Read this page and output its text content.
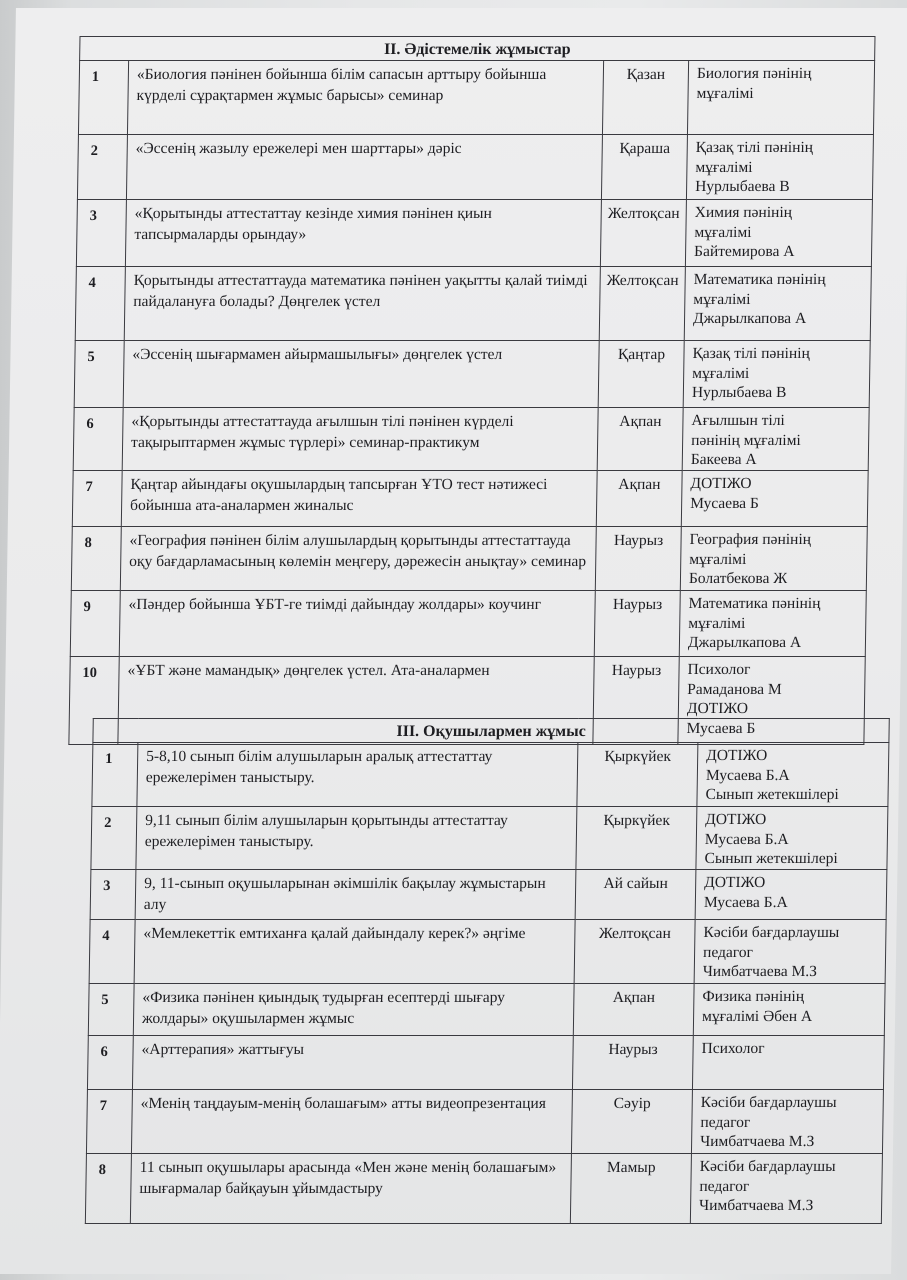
II. Әдістемелік жұмыстар			
1	«Биология пәнінен бойынша білім сапасын арттыру бойынша күрделі сұрақтармен жұмыс барысы» семинар	Қазан	Биология пәнінің
мұғалімі
2	«Эссенің жазылу ережелері мен шарттары» дәріс	Қараша	Қазақ тілі пәнінің
мұғалімі
Нурлыбаева В
3	«Қорытынды аттестаттау кезінде химия пәнінен қиын тапсырмаларды орындау»	Желтоқсан	Химия пәнінің
мұғалімі
Байтемирова А
4	Қорытынды аттестаттауда математика пәнінен уақытты қалай тиімді пайдалануға болады? Дөңгелек үстел	Желтоқсан	Математика пәнінің
мұғалімі
Джарылкапова А
5	«Эссенің шығармамен айырмашылығы» дөңгелек үстел	Қаңтар	Қазақ тілі пәнінің
мұғалімі
Нурлыбаева В
6	«Қорытынды аттестаттауда ағылшын тілі пәнінен күрделі тақырыптармен жұмыс түрлері» семинар-практикум	Ақпан	Ағылшын тілі
пәнінің мұғалімі
Бакеева А
7	Қаңтар айындағы оқушылардың тапсырған ҰТО тест нәтижесі бойынша ата-аналармен жиналыс	Ақпан	ДОТІЖО
Мусаева Б
8	«География пәнінен білім алушылардың қорытынды аттестаттауда оқу бағдарламасының көлемін меңгеру, дәрежесін анықтау» семинар	Наурыз	География пәнінің
мұғалімі
Болатбекова Ж
9	«Пәндер бойынша ҰБТ-ге тиімді дайындау жолдары» коучинг	Наурыз	Математика пәнінің
мұғалімі
Джарылкапова А
10	«ҰБТ және мамандық» дөңгелек үстел. Ата-аналармен	Наурыз	Психолог
Рамаданова М
ДОТІЖО
Мусаева Б
III. Оқушылармен жұмыс			
1	5-8,10 сынып білім алушыларын аралық аттестаттау ережелерімен таныстыру.	Қыркүйек	ДОТІЖО
Мусаева Б.А
Сынып жетекшілері
2	9,11 сынып білім алушыларын қорытынды аттестаттау ережелерімен таныстыру.	Қыркүйек	ДОТІЖО
Мусаева Б.А
Сынып жетекшілері
3	9, 11-сынып оқушыларынан әкімшілік бақылау жұмыстарын алу	Ай сайын	ДОТІЖО
Мусаева Б.А
4	«Мемлекеттік емтиханға қалай дайындалу керек?» әңгіме	Желтоқсан	Кәсіби бағдарлаушы
педагог
Чимбатчаева М.З
5	«Физика пәнінен қиындық тудырған есептерді шығару жолдары» оқушылармен жұмыс	Ақпан	Физика пәнінің
мұғалімі Әбен А
6	«Арттерапия» жаттығуы	Наурыз	Психолог
7	«Менің таңдауым-менің болашағым» атты видеопрезентация	Сәуір	Кәсіби бағдарлаушы
педагог
Чимбатчаева М.З
8	11 сынып оқушылары арасында «Мен және менің болашағым» шығармалар байқауын ұйымдастыру	Мамыр	Кәсіби бағдарлаушы
педагог
Чимбатчаева М.З
